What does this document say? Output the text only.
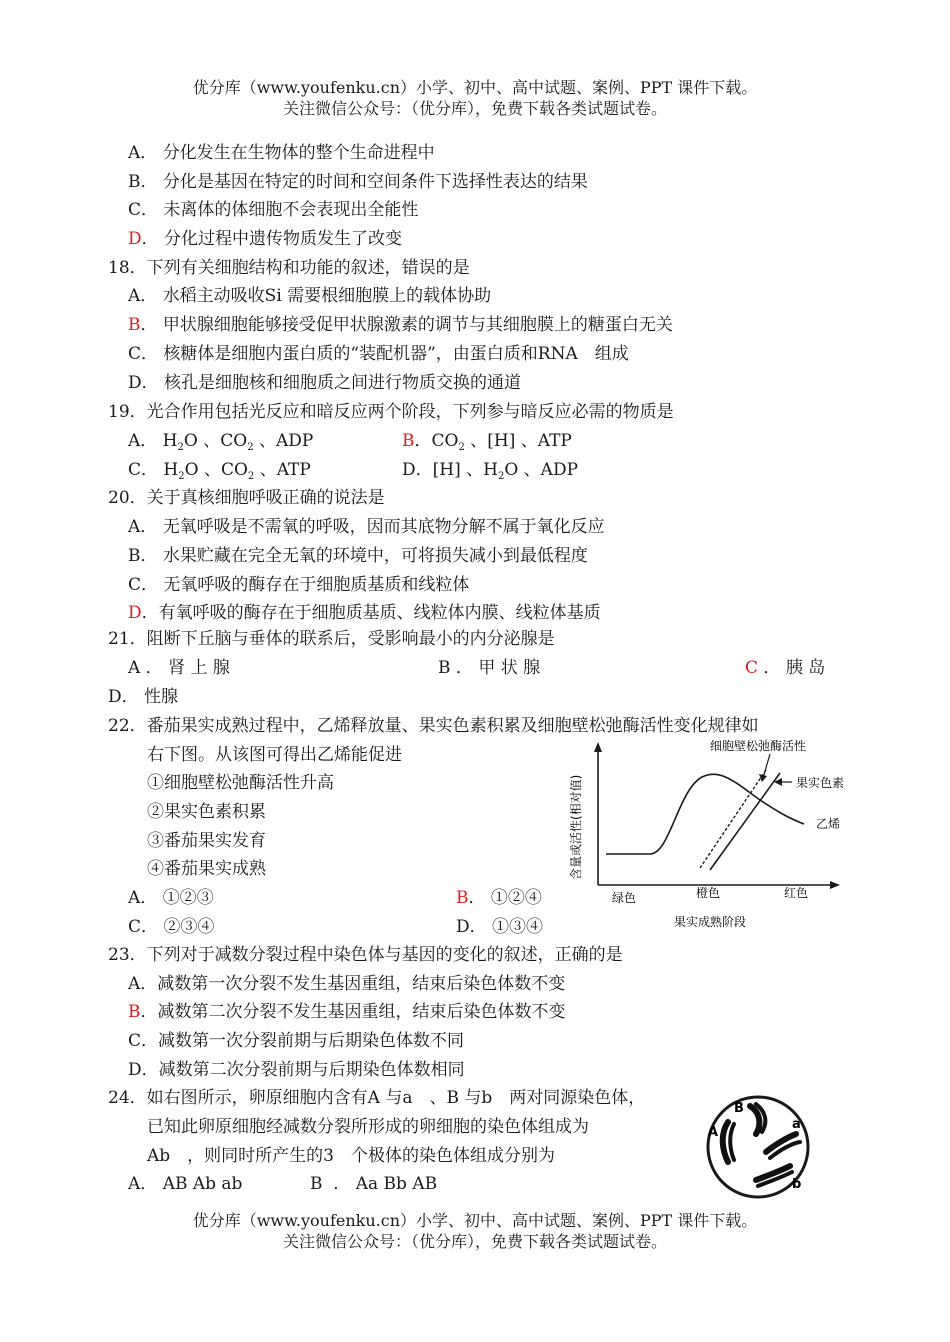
优分库（www.youfenku.cn）小学、初中、高中试题、案例、PPT 课件下载。
关注微信公众号：（优分库），免费下载各类试题试卷。
A． 分化发生在生物体的整个生命进程中
B． 分化是基因在特定的时间和空间条件下选择性表达的结果
C． 未离体的体细胞不会表现出全能性
D． 分化过程中遗传物质发生了改变
18．下列有关细胞结构和功能的叙述，错误的是
A． 水稻主动吸收Si 需要根细胞膜上的载体协助
B． 甲状腺细胞能够接受促甲状腺激素的调节与其细胞膜上的糖蛋白无关
C． 核糖体是细胞内蛋白质的“装配机器”，由蛋白质和RNA　组成
D． 核孔是细胞核和细胞质之间进行物质交换的通道
19．光合作用包括光反应和暗反应两个阶段，下列参与暗反应必需的物质是
A． $H_2O$ 、$CO_2$ 、ADP	B．$CO_2$ 、[H] 、ATP
C． $H_2O$ 、$CO_2$ 、ATP	D．[H] 、$H_2O$ 、ADP
20．关于真核细胞呼吸正确的说法是
A． 无氧呼吸是不需氧的呼吸，因而其底物分解不属于氧化反应
B． 水果贮藏在完全无氧的环境中，可将损失减小到最低程度
C． 无氧呼吸的酶存在于细胞质基质和线粒体
D．有氧呼吸的酶存在于细胞质基质、线粒体内膜、线粒体基质
21．阻断下丘脑与垂体的联系后，受影响最小的内分泌腺是
A ． 肾 上 腺	B ． 甲 状 腺	C ． 胰 岛
D． 性腺
22．番茄果实成熟过程中，乙烯释放量、果实色素积累及细胞壁松弛酶活性变化规律如
右下图。从该图可得出乙烯能促进
①细胞壁松弛酶活性升高
②果实色素积累
③番茄果实发育
④番茄果实成熟
A． ①②③	B． ①②④
C． ②③④	D． ①③④
含量或活性(相对值)
绿色	橙色	红色
果实成熟阶段
细胞壁松弛酶活性
果实色素
乙烯
23．下列对于减数分裂过程中染色体与基因的变化的叙述，正确的是
A．减数第一次分裂不发生基因重组，结束后染色体数不变
B．减数第二次分裂不发生基因重组，结束后染色体数不变
C．减数第一次分裂前期与后期染色体数不同
D．减数第二次分裂前期与后期染色体数相同
24．如右图所示，卵原细胞内含有A 与a　、B 与b　两对同源染色体，
已知此卵原细胞经减数分裂所形成的卵细胞的染色体组成为
Ab　，则同时所产生的3　个极体的染色体组成分别为
A． AB Ab ab	B  ． Aa Bb AB
A
B
a
b
优分库（www.youfenku.cn）小学、初中、高中试题、案例、PPT 课件下载。
关注微信公众号：（优分库），免费下载各类试题试卷。
